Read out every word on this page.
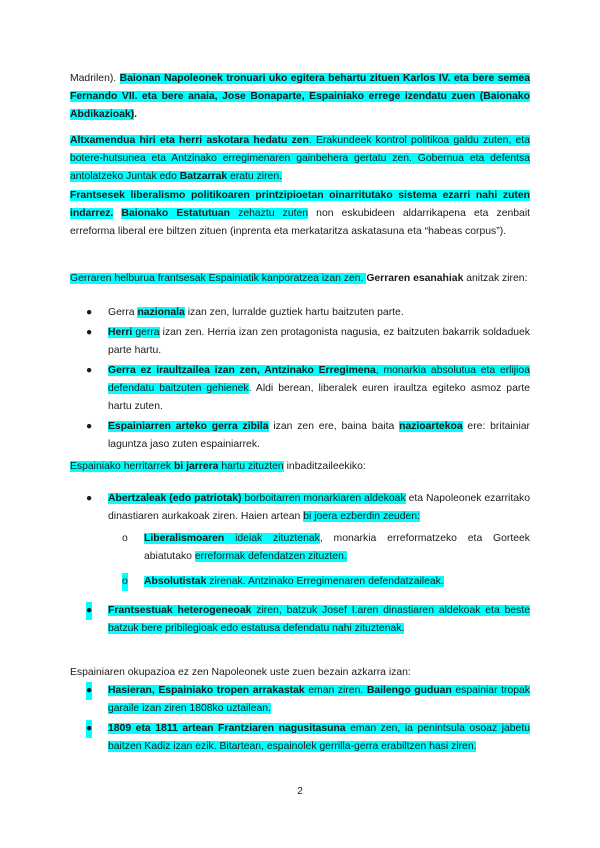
Madrilen). Baionan Napoleonek tronuari uko egitera behartu zituen Karlos IV. eta bere semea Fernando VII. eta bere anaia, Jose Bonaparte, Espainiako errege izendatu zuen (Baionako Abdikazioak).

Altxamendua hiri eta herri askotara hedatu zen. Erakundeek kontrol politikoa galdu zuten, eta botere-hutsunea eta Antzinako erregimenaren gainbehera gertatu zen. Gobernua eta defentsa antolatzeko Juntak edo Batzarrak eratu ziren.

Frantsesek liberalismo politikoaren printzipioetan oinarritutako sistema ezarri nahi zuten indarrez. Baionako Estatutuan zehaztu zuten non eskubideen aldarrikapena eta zenbait erreforma liberal ere biltzen zituen (inprenta eta merkataritza askatasuna eta “habeas corpus”).

Gerraren helburua frantsesak Espainiatik kanporatzea izan zen. Gerraren esanahiak anitzak ziren:

● Gerra nazionala izan zen, lurralde guztiek hartu baitzuten parte.
● Herri gerra izan zen. Herria izan zen protagonista nagusia, ez baitzuten bakarrik soldaduek parte hartu.
● Gerra ez iraultzailea izan zen, Antzinako Erregimena, monarkia absolutua eta erlijioa defendatu baitzuten gehienek. Aldi berean, liberalek euren iraultza egiteko asmoz parte hartu zuten.
● Espainiarren arteko gerra zibila izan zen ere, baina baita nazioartekoa ere: britainiar laguntza jaso zuten espainiarrek.

Espainiako herritarrek bi jarrera hartu zituzten inbaditzaileekiko:

● Abertzaleak (edo patriotak) borboitarren monarkiaren aldekoak eta Napoleonek ezarritako dinastiaren aurkakoak ziren. Haien artean bi joera ezberdin zeuden:
o Liberalismoaren ideiak zituztenak, monarkia erreformatzeko eta Gorteek abiatutako erreformak defendatzen zituzten.
o Absolutistak zirenak. Antzinako Erregimenaren defendatzaileak.
● Frantsestuak heterogeneoak ziren, batzuk Josef I.aren dinastiaren aldekoak eta beste batzuk bere pribilegioak edo estatusa defendatu nahi zituztenak.

Espainiaren okupazioa ez zen Napoleonek uste zuen bezain azkarra izan:

● Hasieran, Espainiako tropen arrakastak eman ziren. Bailengo guduan espainiar tropak garaile izan ziren 1808ko uztailean.
● 1809 eta 1811 artean Frantziaren nagusitasuna eman zen, ia penintsula osoaz jabetu baitzen Kadiz izan ezik. Bitartean, espainolek gerrilla-gerra erabiltzen hasi ziren.
2
